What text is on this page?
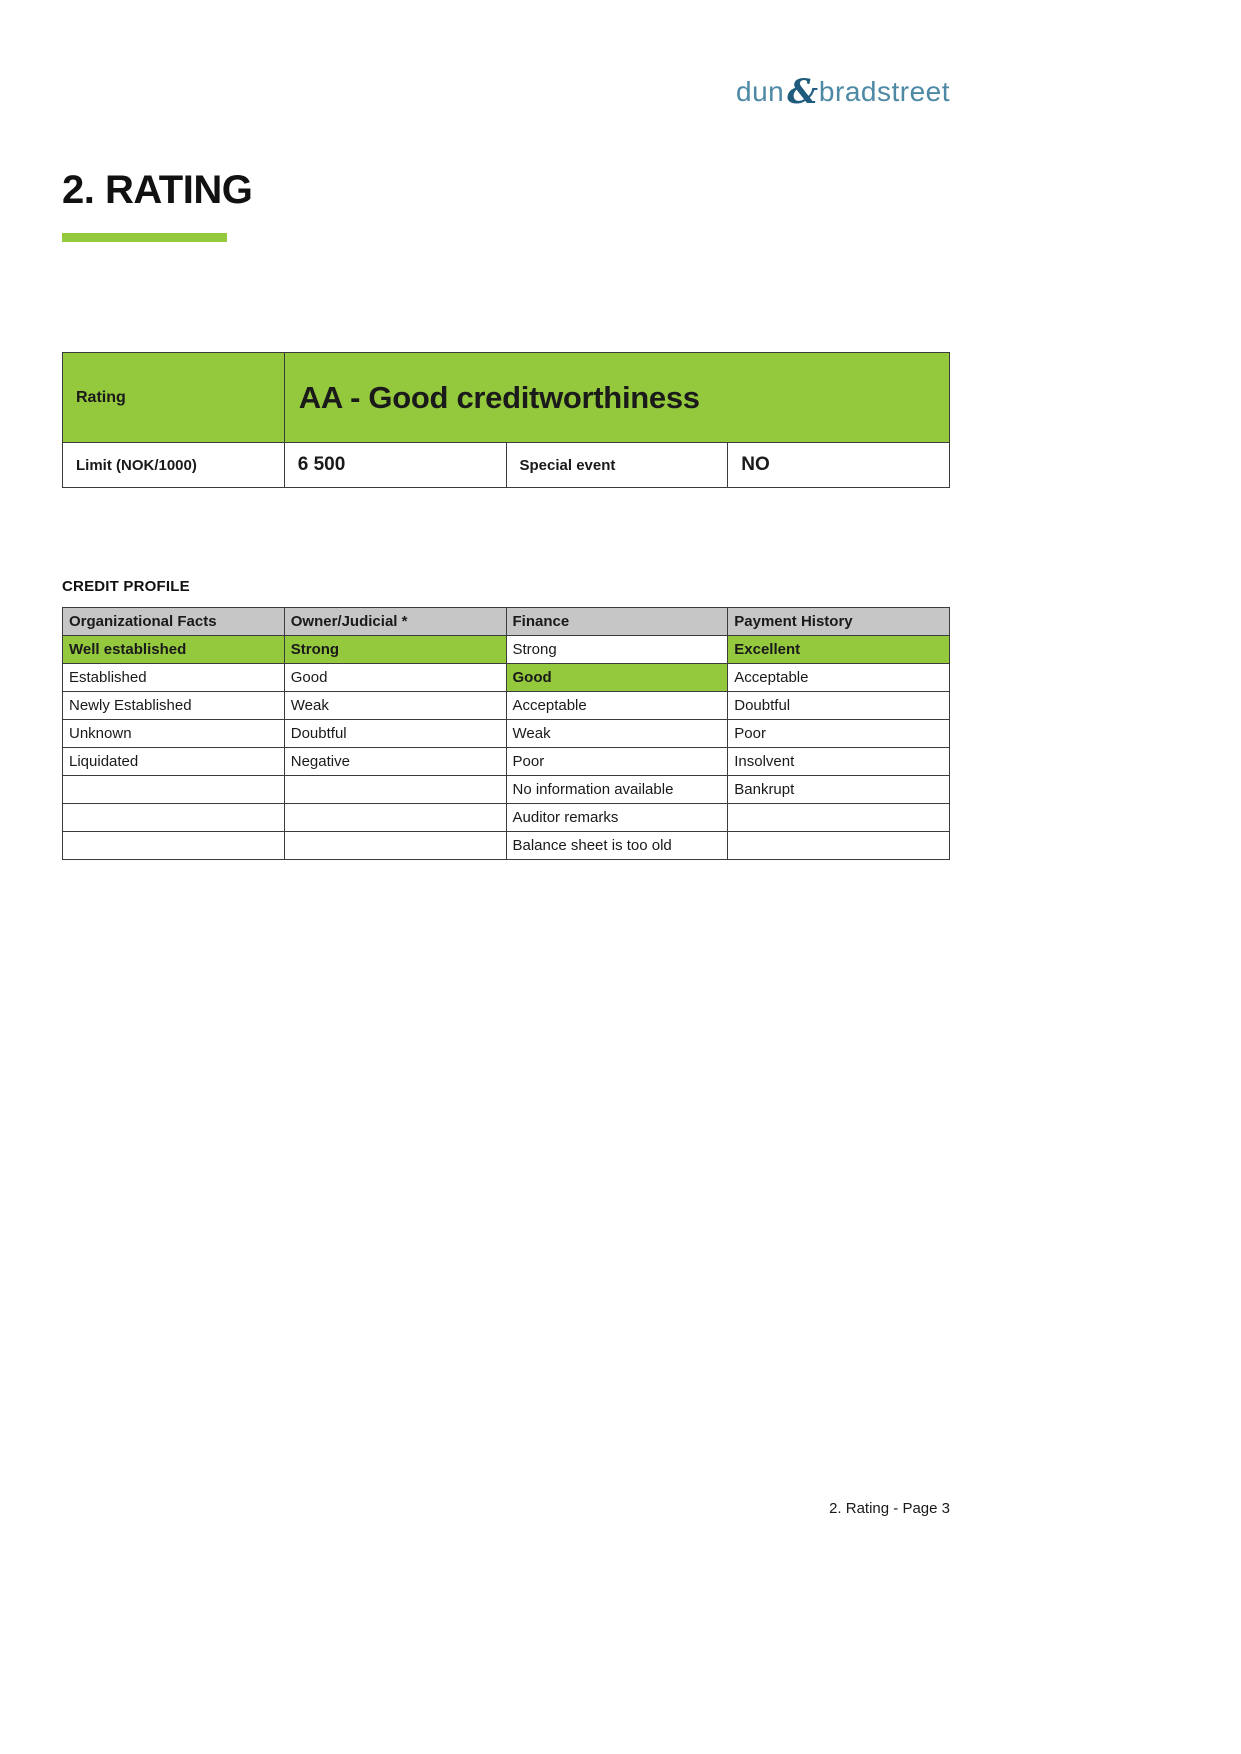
dun&bradstreet
2. RATING
Rating	AA - Good creditworthiness		
Limit (NOK/1000)	6 500	Special event	NO
CREDIT PROFILE
Organizational Facts	Owner/Judicial *	Finance	Payment History
Well established	Strong	Strong	Excellent
Established	Good	Good	Acceptable
Newly Established	Weak	Acceptable	Doubtful
Unknown	Doubtful	Weak	Poor
Liquidated	Negative	Poor	Insolvent
		No information available	Bankrupt
		Auditor remarks	
		Balance sheet is too old	
2. Rating - Page 3
